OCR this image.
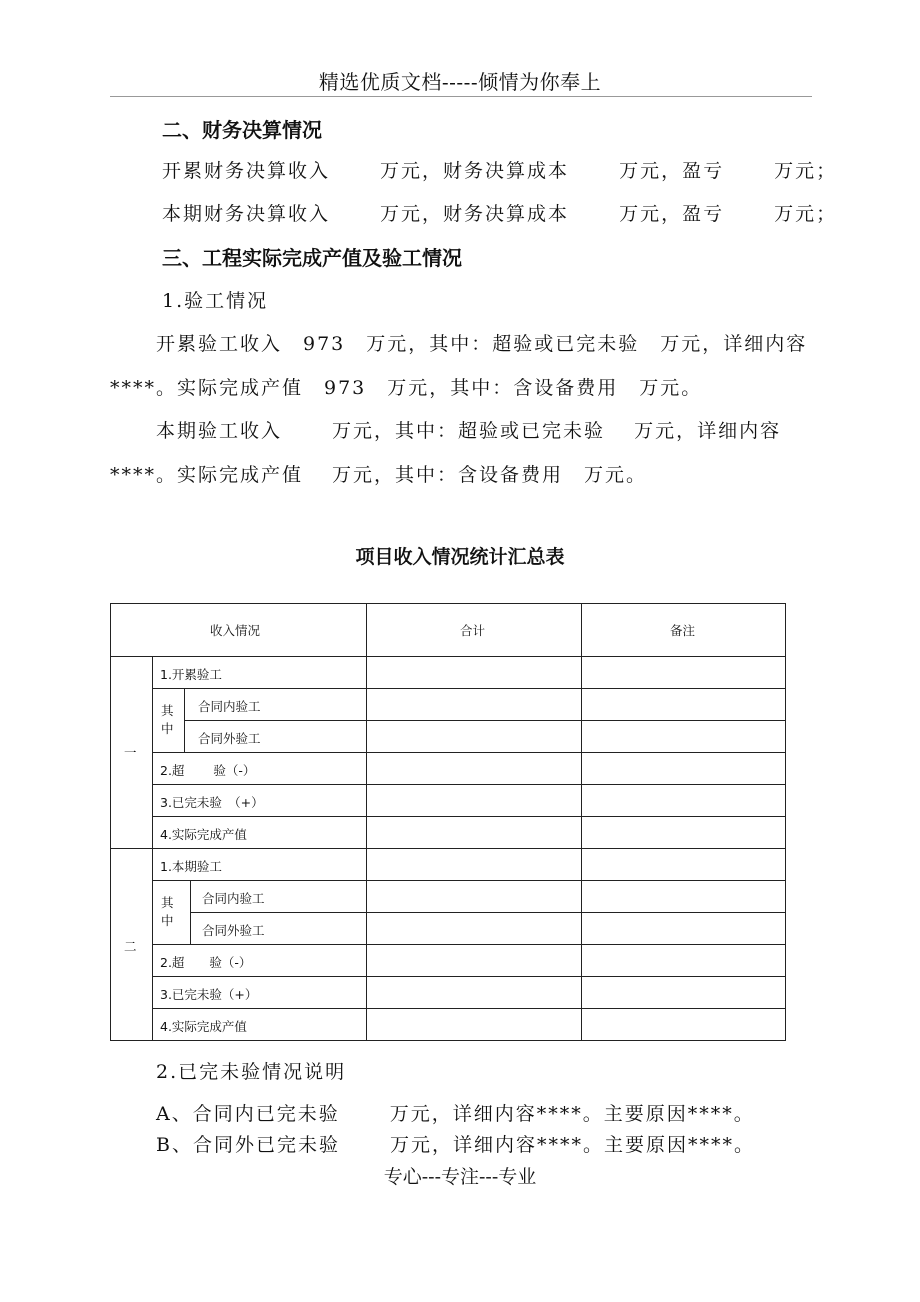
精选优质文档-----倾情为你奉上
二、财务决算情况
开累财务决算收入　　 万元，财务决算成本　　 万元，盈亏　　 万元；
本期财务决算收入　　 万元，财务决算成本　　 万元，盈亏　　 万元；
三、工程实际完成产值及验工情况
1.验工情况
开累验工收入　973　万元，其中：超验或已完未验　万元，详细内容
****。实际完成产值　973　万元，其中：含设备费用　万元。
本期验工收入　　 万元，其中：超验或已完未验　 万元，详细内容
****。实际完成产值　 万元，其中：含设备费用　万元。
项目收入情况统计汇总表
收入情况	合计	备注
一
1.开累验工
其
中
合同内验工
合同外验工
2.超　　 验（-）
3.已完未验　（+）
4.实际完成产值
二
1.本期验工
其
中
合同内验工
合同外验工
2.超　　验（-）
3.已完未验（+）
4.实际完成产值
2.已完未验情况说明
A、合同内已完未验　　 万元，详细内容****。主要原因****。
B、合同外已完未验　　 万元，详细内容****。主要原因****。
专心---专注---专业
